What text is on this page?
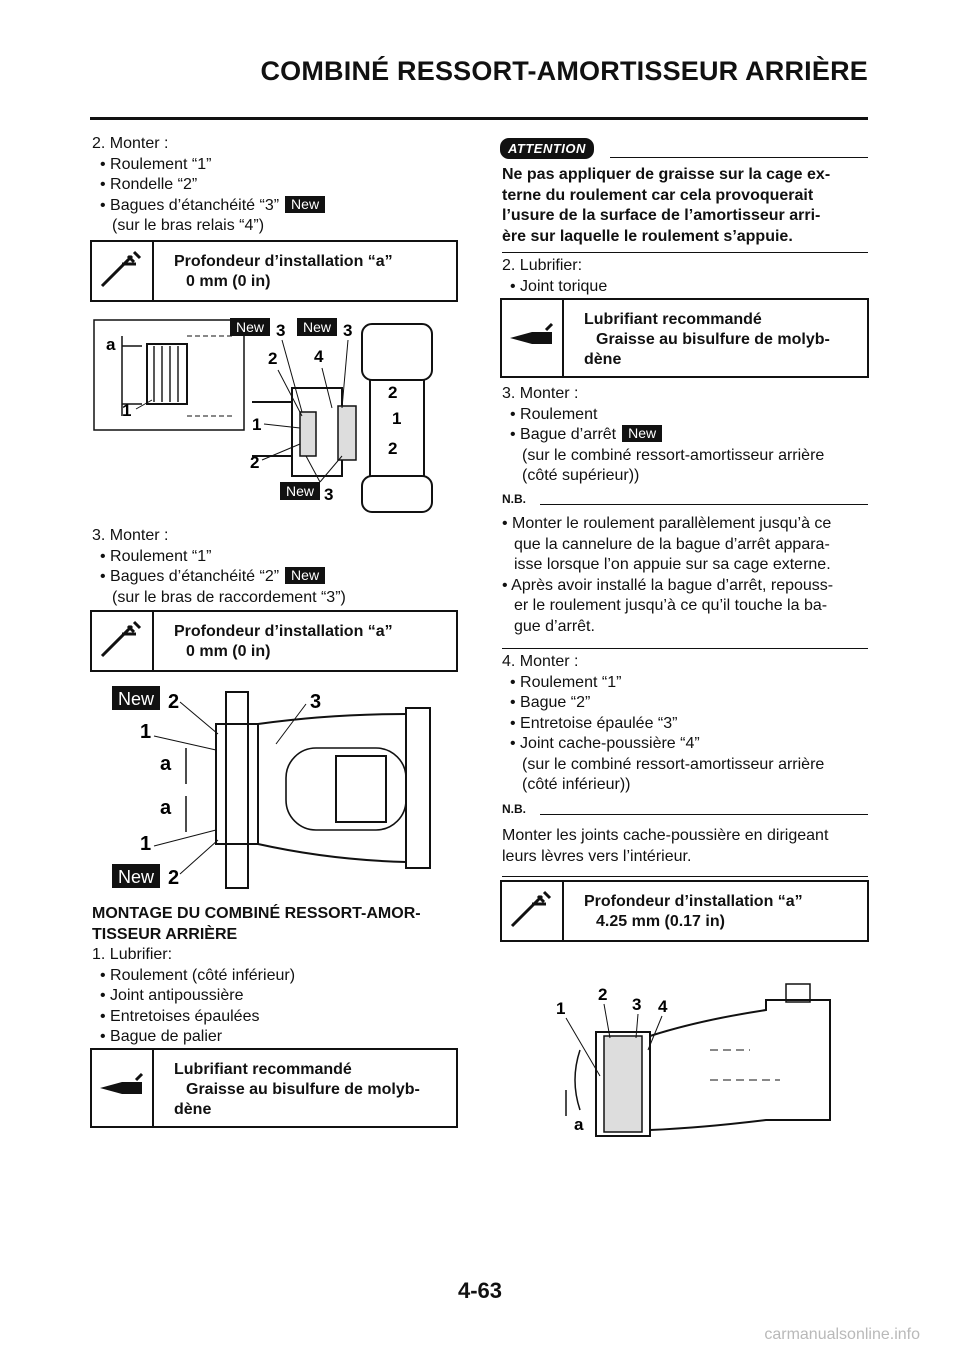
COMBINÉ RESSORT-AMORTISSEUR ARRIÈRE
2. Monter :
• Roulement “1”
• Rondelle “2”
• Bagues d’étanchéité “3” New
(sur le bras relais “4”)
Profondeur d’installation “a”
0 mm (0 in)
a
1
New	New
3	3
2 4
2
1
1
2
2
New 3
3. Monter :
• Roulement “1”
• Bagues d’étanchéité “2” New
(sur le bras de raccordement “3”)
Profondeur d’installation “a”
0 mm (0 in)
New 2	3
1
a
a
1
New 2
MONTAGE DU COMBINÉ RESSORT-AMOR-
TISSEUR ARRIÈRE
1. Lubrifier:
• Roulement (côté inférieur)
• Joint antipoussière
• Entretoises épaulées
• Bague de palier
Lubrifiant recommandé
Graisse au bisulfure de molyb-
dène
ATTENTION
Ne pas appliquer de graisse sur la cage ex-
terne du roulement car cela provoquerait
l’usure de la surface de l’amortisseur arri-
ère sur laquelle le roulement s’appuie.
2. Lubrifier:
• Joint torique
Lubrifiant recommandé
Graisse au bisulfure de molyb-
dène
3. Monter :
• Roulement
• Bague d’arrêt New
(sur le combiné ressort-amortisseur arrière
(côté supérieur))
N.B.
• Monter le roulement parallèlement jusqu’à ce
que la cannelure de la bague d’arrêt appara-
isse lorsque l’on appuie sur sa cage externe.
• Après avoir installé la bague d’arrêt, repouss-
er le roulement jusqu’à ce qu’il touche la ba-
gue d’arrêt.
4. Monter :
• Roulement “1”
• Bague “2”
• Entretoise épaulée “3”
• Joint cache-poussière “4”
(sur le combiné ressort-amortisseur arrière
(côté inférieur))
N.B.
Monter les joints cache-poussière en dirigeant
leurs lèvres vers l’intérieur.
Profondeur d’installation “a”
4.25 mm (0.17 in)
1
2
3 4
a
4-63
carmanualsonline.info
